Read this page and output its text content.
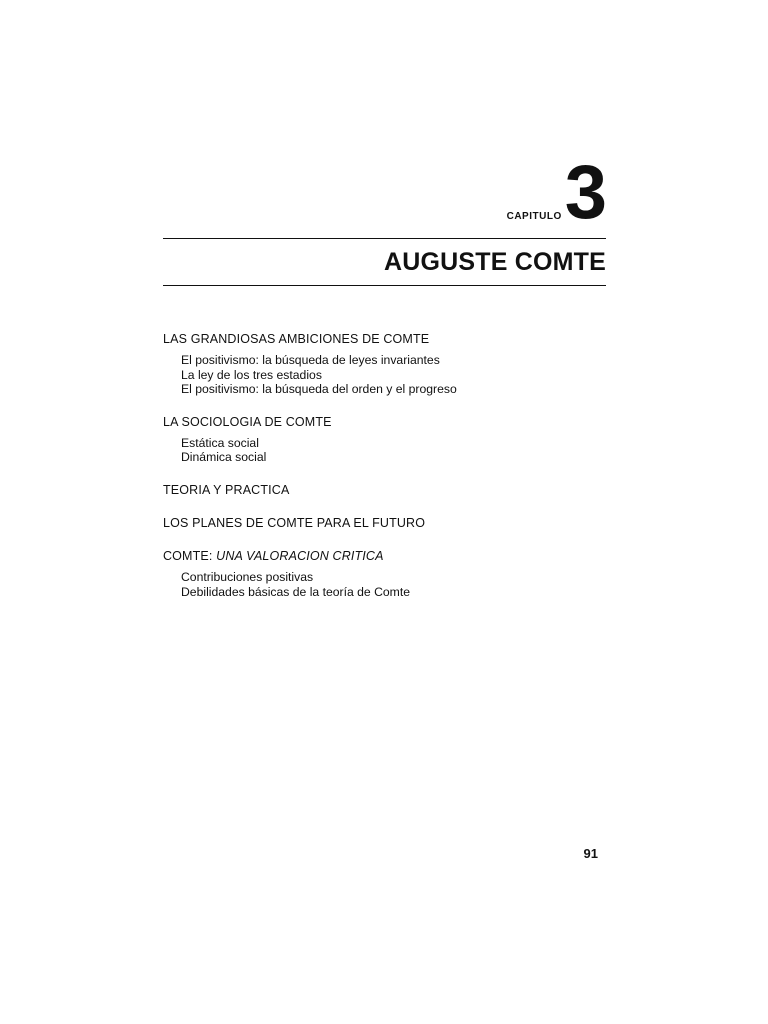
CAPITULO 3
AUGUSTE COMTE
LAS GRANDIOSAS AMBICIONES DE COMTE
El positivismo: la búsqueda de leyes invariantes
La ley de los tres estadios
El positivismo: la búsqueda del orden y el progreso
LA SOCIOLOGIA DE COMTE
Estática social
Dinámica social
TEORIA Y PRACTICA
LOS PLANES DE COMTE PARA EL FUTURO
COMTE: UNA VALORACION CRITICA
Contribuciones positivas
Debilidades básicas de la teoría de Comte
91
